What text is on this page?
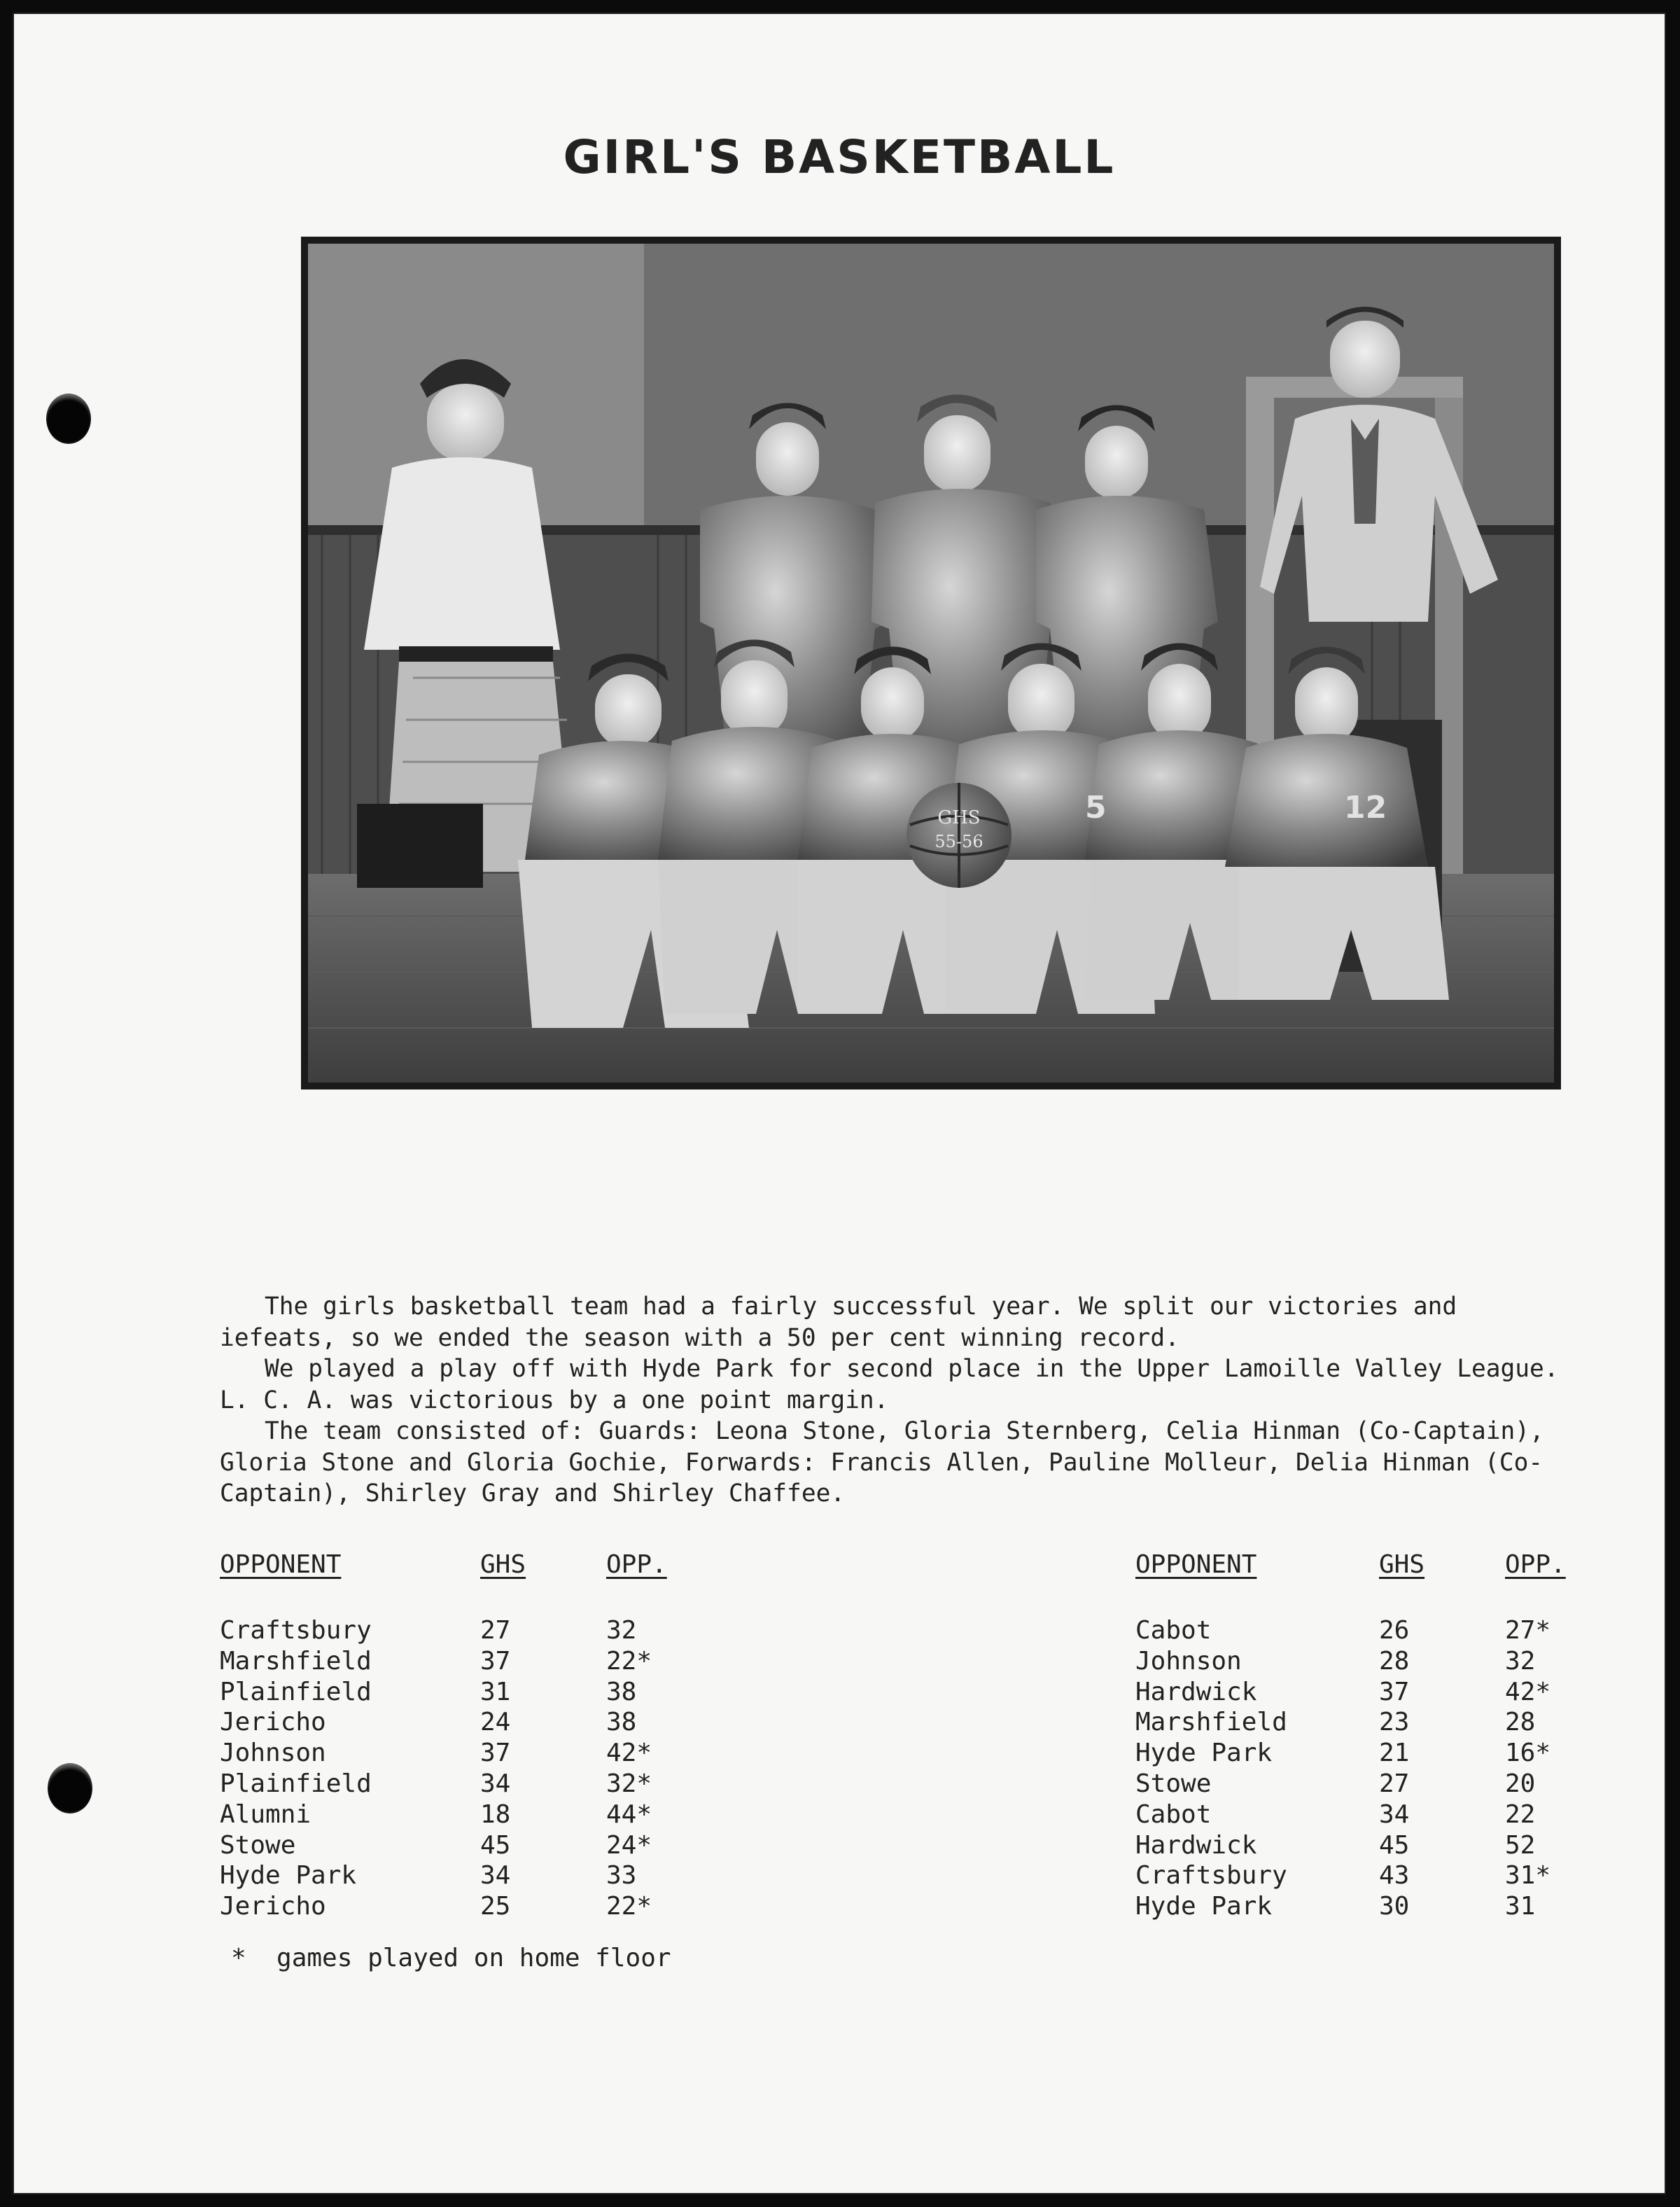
GIRL'S BASKETBALL
GHS
55-56
5	12

The girls basketball team had a fairly successful year. We split our victories and iefeats, so we ended the season with a 50 per cent winning record.

We played a play off with Hyde Park for second place in the Upper Lamoille Valley League. L. C. A. was victorious by a one point margin.

The team consisted of: Guards: Leona Stone, Gloria Sternberg, Celia Hinman (Co-Captain), Gloria Stone and Gloria Gochie, Forwards: Francis Allen, Pauline Molleur, Delia Hinman (Co-Captain), Shirley Gray and Shirley Chaffee.

OPPONENT	GHS	OPP.
Craftsbury	27	32
Marshfield	37	22*
Plainfield	31	38
Jericho	24	38
Johnson	37	42*
Plainfield	34	32*
Alumni	18	44*
Stowe	45	24*
Hyde Park	34	33
Jericho	25	22*
OPPONENT	GHS	OPP.
Cabot	26	27*
Johnson	28	32
Hardwick	37	42*
Marshfield	23	28
Hyde Park	21	16*
Stowe	27	20
Cabot	34	22
Hardwick	45	52
Craftsbury	43	31*
Hyde Park	30	31
*  games played on home floor
